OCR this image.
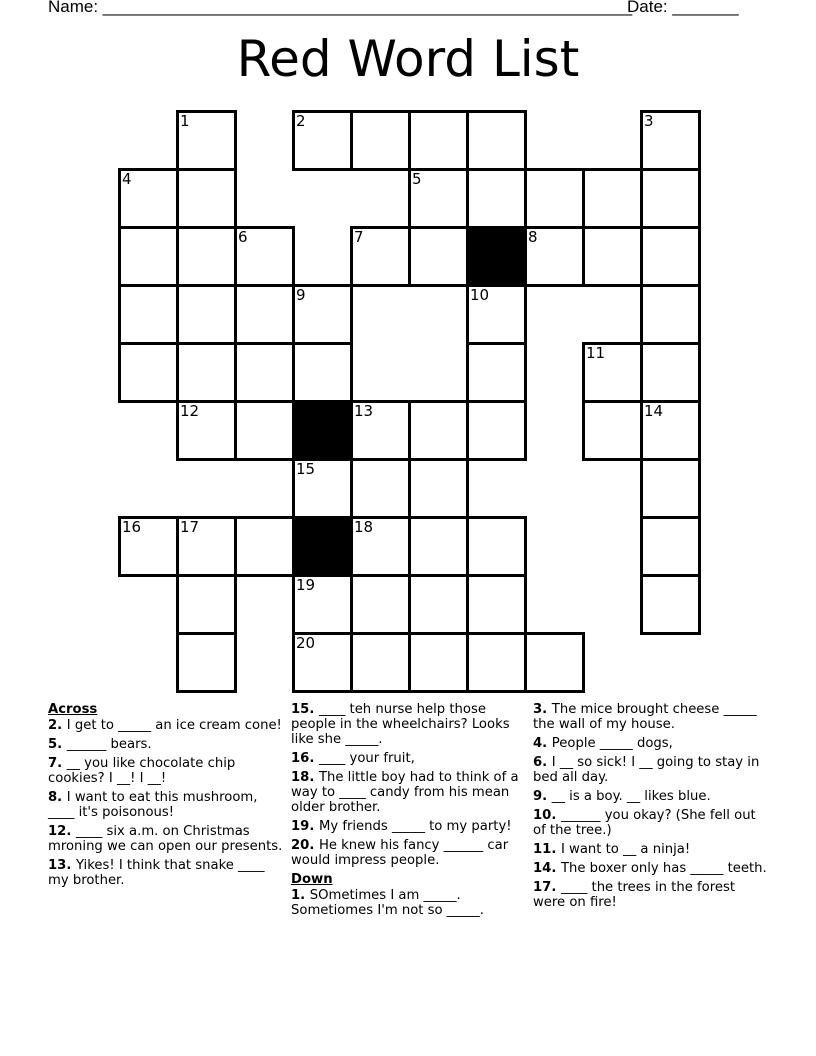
Name: ________________________________________________________
Date: _______
Red Word List
1	2	3
4	5
6	7	8
9	10
11
12	13	14
15
16	17	18
19
20
Across
2. I get to _____ an ice cream cone!
5. ______ bears.
7. __ you like chocolate chip cookies? I __! I __!
8. I want to eat this mushroom, ____ it's poisonous!
12. ____ six a.m. on Christmas mroning we can open our presents.
13. Yikes! I think that snake ____ my brother.
15. ____ teh nurse help those people in the wheelchairs? Looks like she _____.
16. ____ your fruit,
18. The little boy had to think of a way to ____ candy from his mean older brother.
19. My friends _____ to my party!
20. He knew his fancy ______ car would impress people.
Down
1. SOmetimes I am _____. Sometiomes I'm not so _____.
3. The mice brought cheese _____ the wall of my house.
4. People _____ dogs,
6. I __ so sick! I __ going to stay in bed all day.
9. __ is a boy. __ likes blue.
10. ______ you okay? (She fell out of the tree.)
11. I want to __ a ninja!
14. The boxer only has _____ teeth.
17. ____ the trees in the forest were on fire!
